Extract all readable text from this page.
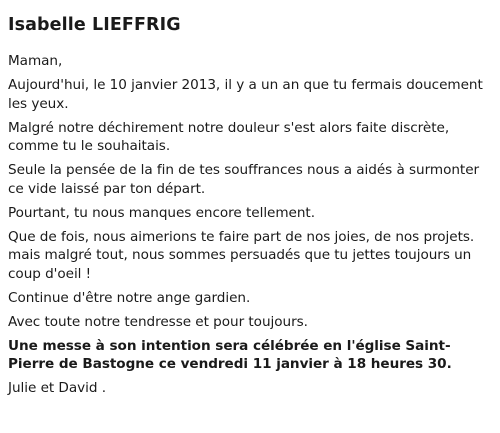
Isabelle LIEFFRIG

Maman,

Aujourd'hui, le 10 janvier 2013, il y a un an que tu fermais doucement les yeux.

Malgré notre déchirement notre douleur s'est alors faite discrète, comme tu le souhaitais.

Seule la pensée de la fin de tes souffrances nous a aidés à surmonter ce vide laissé par ton départ.

Pourtant, tu nous manques encore tellement.

Que de fois, nous aimerions te faire part de nos joies, de nos projets. mais malgré tout, nous sommes persuadés que tu jettes toujours un coup d'oeil !

Continue d'être notre ange gardien.

Avec toute notre tendresse et pour toujours.

Une messe à son intention sera célébrée en l'église Saint-Pierre de Bastogne ce vendredi 11 janvier à 18 heures 30.

Julie et David .
